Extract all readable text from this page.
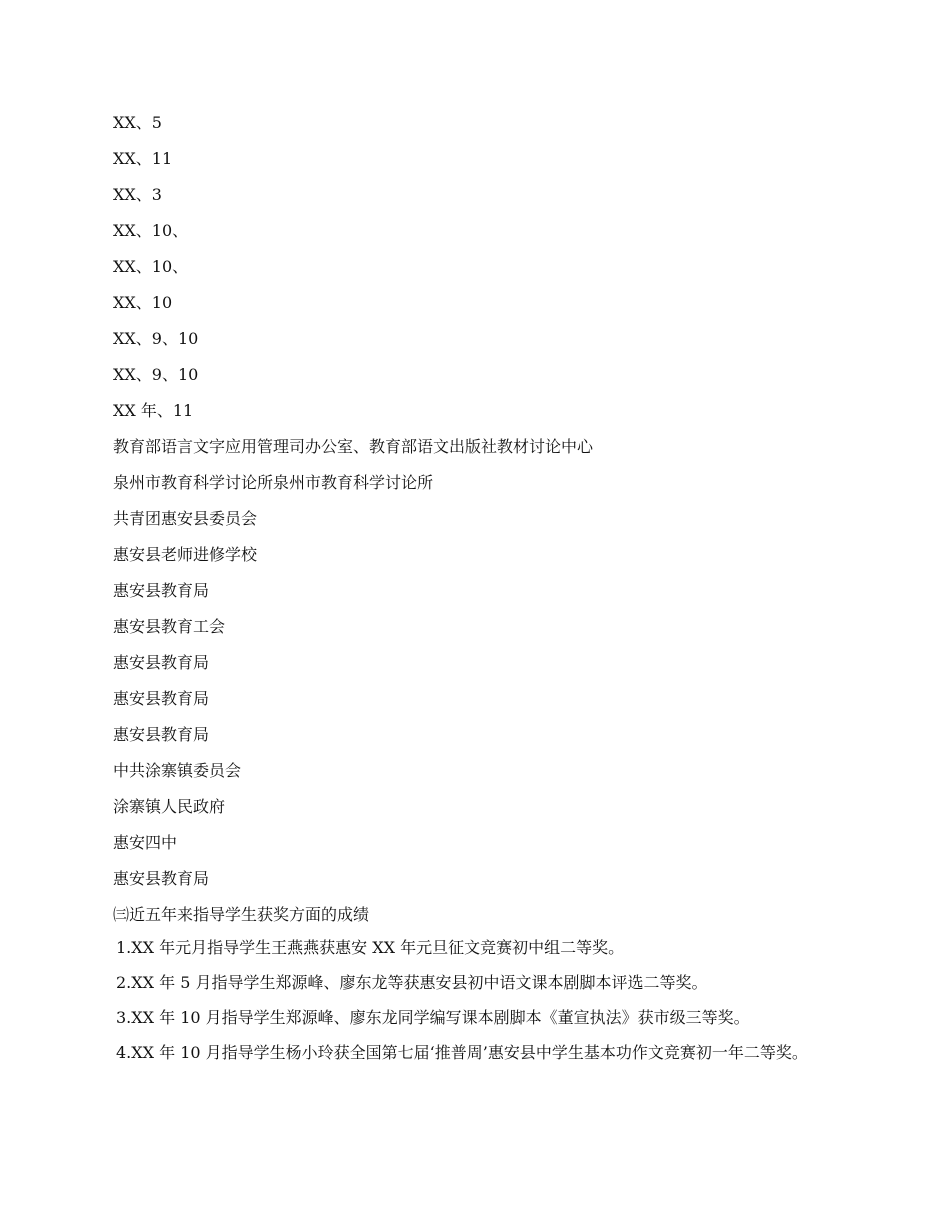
XX、5
XX、11
XX、3
XX、10、
XX、10、
XX、10
XX、9、10
XX、9、10
XX 年、11
教育部语言文字应用管理司办公室、教育部语文出版社教材讨论中心
泉州市教育科学讨论所泉州市教育科学讨论所
共青团惠安县委员会
惠安县老师进修学校
惠安县教育局
惠安县教育工会
惠安县教育局
惠安县教育局
惠安县教育局
中共涂寨镇委员会
涂寨镇人民政府
惠安四中
惠安县教育局
㈢近五年来指导学生获奖方面的成绩
1.XX 年元月指导学生王燕燕获惠安 XX 年元旦征文竞赛初中组二等奖。
2.XX 年 5 月指导学生郑源峰、廖东龙等获惠安县初中语文课本剧脚本评选二等奖。
3.XX 年 10 月指导学生郑源峰、廖东龙同学编写课本剧脚本《董宣执法》获市级三等奖。
4.XX 年 10 月指导学生杨小玲获全国第七届‘推普周’惠安县中学生基本功作文竞赛初一年二等奖。
